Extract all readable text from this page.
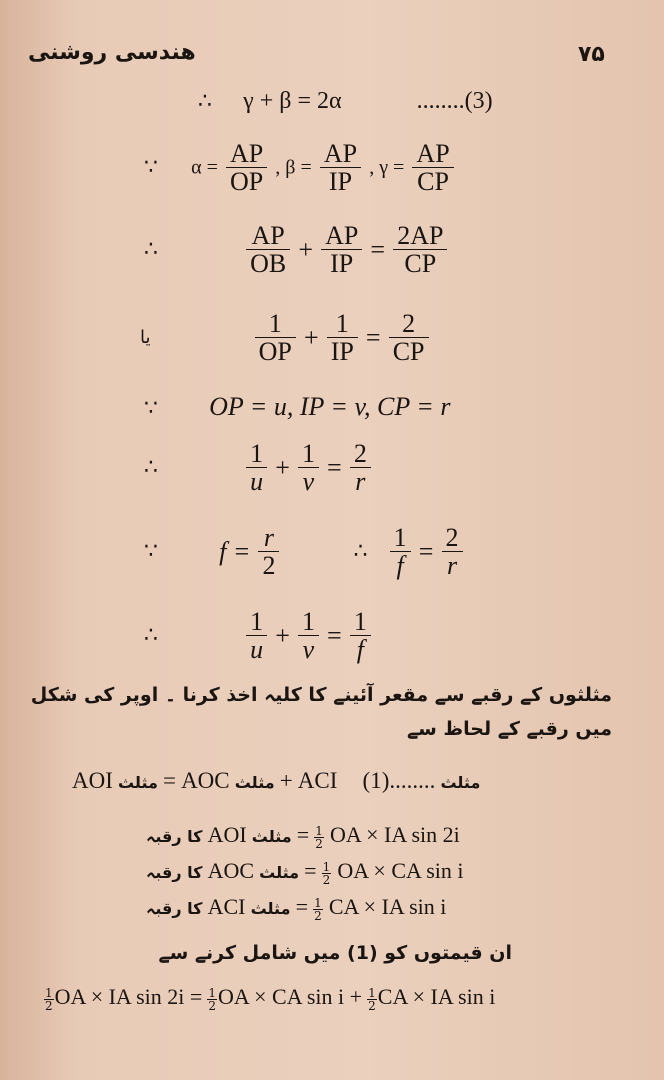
هندسی روشنی	۷۵
∴ γ + β = 2α	........(3)
∵ $\alpha = \frac{AP}{OP}$ , $\beta = \frac{AP}{IP}$ , $\gamma = \frac{AP}{CP}$
∴	$\frac{AP}{OB} + \frac{AP}{IP} = \frac{2AP}{CP}$
یا	$\frac{1}{OP} + \frac{1}{IP} = \frac{2}{CP}$
∵ OP = u, IP = v, CP = r
∴	$\frac{1}{u} + \frac{1}{v} = \frac{2}{r}$
∵ $f = \frac{r}{2}$	∴ $\frac{1}{f} = \frac{2}{r}$
∴	$\frac{1}{u} + \frac{1}{v} = \frac{1}{f}$
مثلثوں کے رقبے سے مقعر آئینے کا کلیہ اخذ کرنا ۔ اوپر کی شکل
میں رقبے کے لحاظ سے
AOI مثلث = AOC مثلث + ACI	مثلث ........(1)
کا رقبہ AOI مثلث = $\frac{1}{2}$ OA × IA sin 2i
کا رقبہ AOC مثلث = $\frac{1}{2}$ OA × CA sin i
کا رقبہ ACI مثلث = $\frac{1}{2}$ CA × IA sin i
ان قیمتوں کو (1) میں شامل کرنے سے
$\frac{1}{2}$ OA × IA $\sin 2i = \frac{1}{2}$ OA × CA $\sin i + \frac{1}{2}$ CA × IA sin i
